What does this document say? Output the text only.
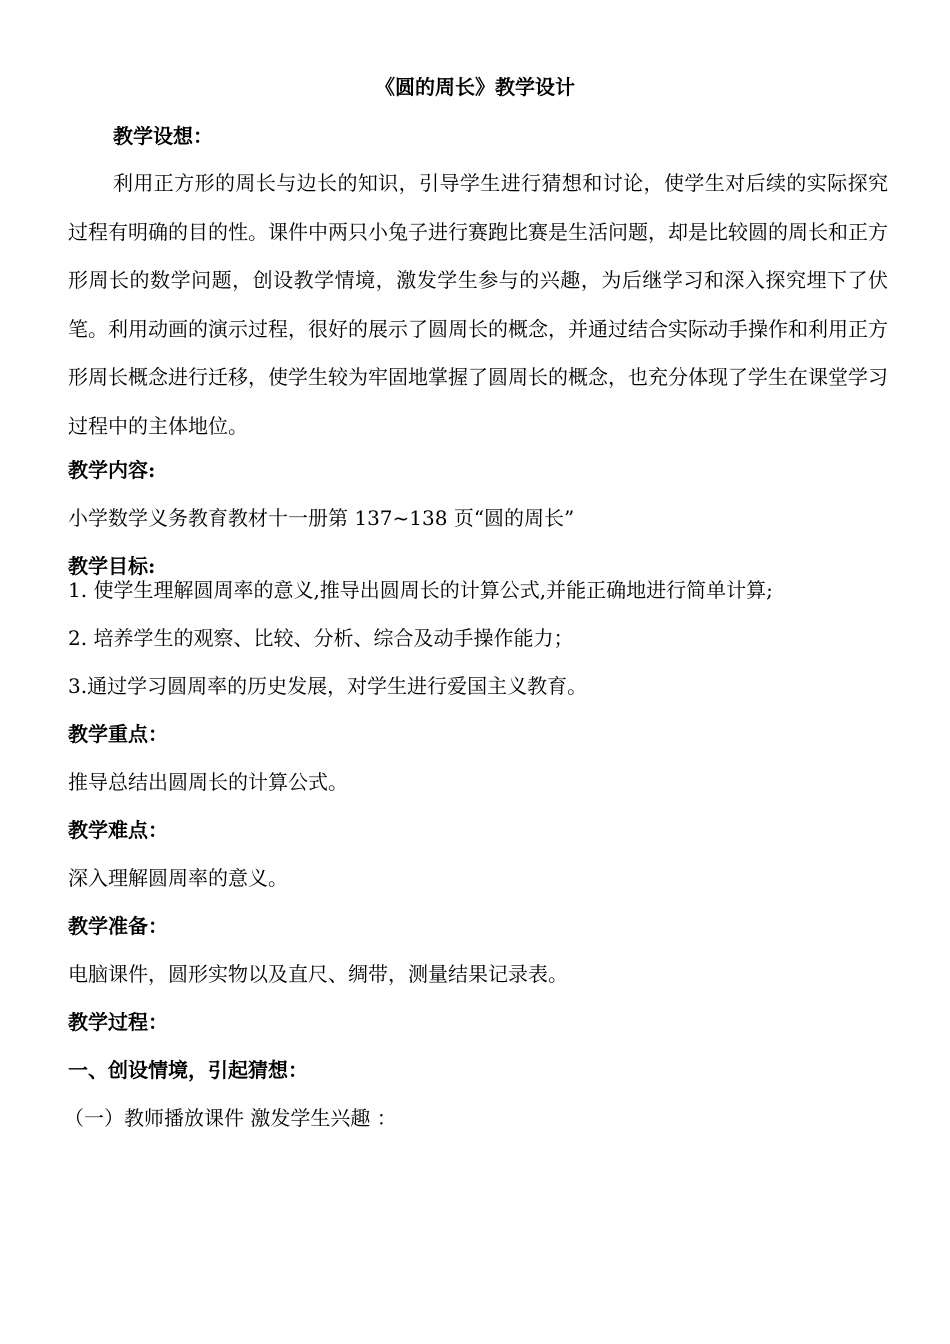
《圆的周长》教学设计
教学设想：
利用正方形的周长与边长的知识，引导学生进行猜想和讨论，使学生对后续的实际探究过程有明确的目的性。课件中两只小兔子进行赛跑比赛是生活问题，却是比较圆的周长和正方形周长的数学问题，创设教学情境，激发学生参与的兴趣，为后继学习和深入探究埋下了伏笔。利用动画的演示过程，很好的展示了圆周长的概念，并通过结合实际动手操作和利用正方形周长概念进行迁移，使学生较为牢固地掌握了圆周长的概念，也充分体现了学生在课堂学习过程中的主体地位。
教学内容:
小学数学义务教育教材十一册第 137~138 页“圆的周长”
教学目标:
1. 使学生理解圆周率的意义,推导出圆周长的计算公式,并能正确地进行简单计算;
2. 培养学生的观察、比较、分析、综合及动手操作能力；
3.通过学习圆周率的历史发展，对学生进行爱国主义教育。
教学重点：
推导总结出圆周长的计算公式。
教学难点：
深入理解圆周率的意义。
教学准备：
电脑课件，圆形实物以及直尺、绸带，测量结果记录表。
教学过程：
一、创设情境，引起猜想：
（一）教师播放课件 激发学生兴趣 ：
